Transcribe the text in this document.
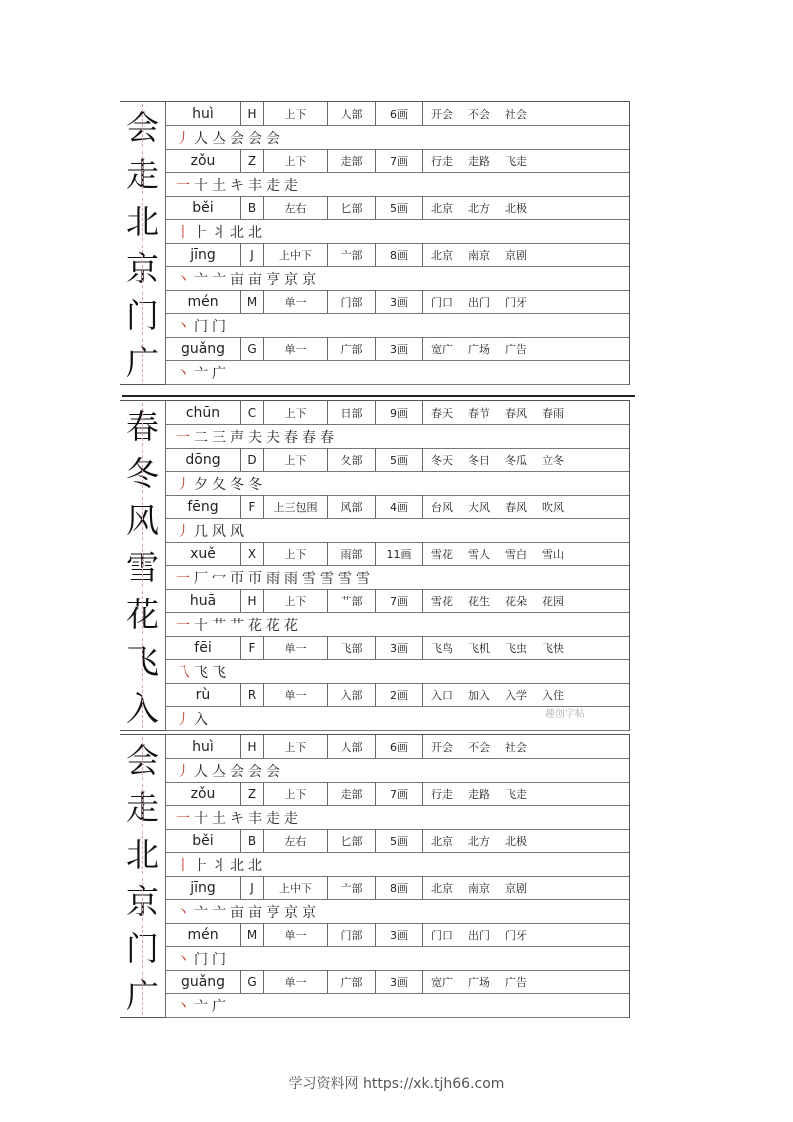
会	huì	H	上下	人部	6画	开会 不会 社会
丿 人 亼 会 会 会
走	zǒu	Z	上下	走部	7画	行走 走路 飞走
一 十 土 キ 丰 走 走
北	běi	B	左右	匕部	5画	北京 北方 北极
丨 ⺊ 丬 北 北
京	jīng	J	上中下	亠部	8画	北京 南京 京剧
丶 亠 亠 亩 亩 亨 京 京
门	mén	M	单一	门部	3画	门口 出门 门牙
丶 门 门
广	guǎng	G	单一	广部	3画	宽广 广场 广告
丶 亠 广
春	chūn	C	上下	日部	9画	春天 春节 春风 春雨
一 二 三 声 夫 夫 春 春 春
冬	dōng	D	上下	夂部	5画	冬天 冬日 冬瓜 立冬
丿 夕 夂 冬 冬
风	fēng	F	上三包围	风部	4画	台风 大风 春风 吹风
丿 几 风 风
雪	xuě	X	上下	雨部	11画	雪花 雪人 雪白 雪山
一 厂 冖 帀 帀 雨 雨 雪 雪 雪 雪
花	huā	H	上下	艹部	7画	雪花 花生 花朵 花园
一 十 艹 艹 花 花 花
飞	fēi	F	单一	飞部	3画	飞鸟 飞机 飞虫 飞快
乁 飞 飞
入	rù	R	单一	入部	2画	入口 加入 入学 入住
丿 入
会	huì	H	上下	人部	6画	开会 不会 社会
丿 人 亼 会 会 会
走	zǒu	Z	上下	走部	7画	行走 走路 飞走
一 十 土 キ 丰 走 走
北	běi	B	左右	匕部	5画	北京 北方 北极
丨 ⺊ 丬 北 北
京	jīng	J	上中下	亠部	8画	北京 南京 京剧
丶 亠 亠 亩 亩 亨 京 京
门	mén	M	单一	门部	3画	门口 出门 门牙
丶 门 门
广	guǎng	G	单一	广部	3画	宽广 广场 广告
丶 亠 广
趣创字帖
学习资料网 https://xk.tjh66.com
